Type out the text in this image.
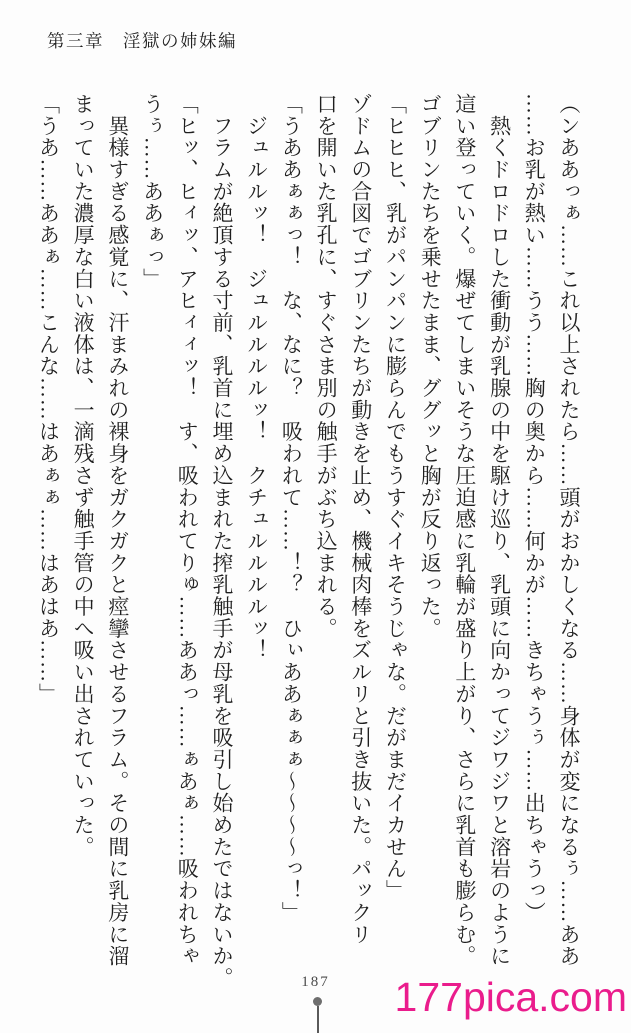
第三章　淫獄の姉妹編
（ンああっぁ……これ以上されたら……頭がおかしくなる……身体が変になるぅ……ああ
……お乳が熱い……うう……胸の奥から……何かが……きちゃうぅ……出ちゃうっ）
　熱くドロドロした衝動が乳腺の中を駆け巡り、乳頭に向かってジワジワと溶岩のように
這い登っていく。爆ぜてしまいそうな圧迫感に乳輪が盛り上がり、さらに乳首も膨らむ。
ゴブリンたちを乗せたまま、ググッと胸が反り返った。
「ヒヒヒ、乳がパンパンに膨らんでもうすぐイキそうじゃな。だがまだイカせん」
ゾドムの合図でゴブリンたちが動きを止め、機械肉棒をズルリと引き抜いた。パックリ
口を開いた乳孔に、すぐさま別の触手がぶち込まれる。
「うああぁぁっ！　な、なに？　吸われて……！？　ひぃああぁぁぁ～～～～っ！」
　ジュルルッ！　ジュルルルルッ！　クチュルルルルッ！
　フラムが絶頂する寸前、乳首に埋め込まれた搾乳触手が母乳を吸引し始めたではないか。
「ヒッ、ヒィッ、アヒィィッ！　す、吸われてりゅ……ああっ……ぁあぁ……吸われちゃ
うぅ……ああぁっ」
　異様すぎる感覚に、汗まみれの裸身をガクガクと痙攣させるフラム。その間に乳房に溜
まっていた濃厚な白い液体は、一滴残さず触手管の中へ吸い出されていった。
「うあ……ああぁ……こんな……はあぁぁ……はあはあ……」
187	177pica.com
